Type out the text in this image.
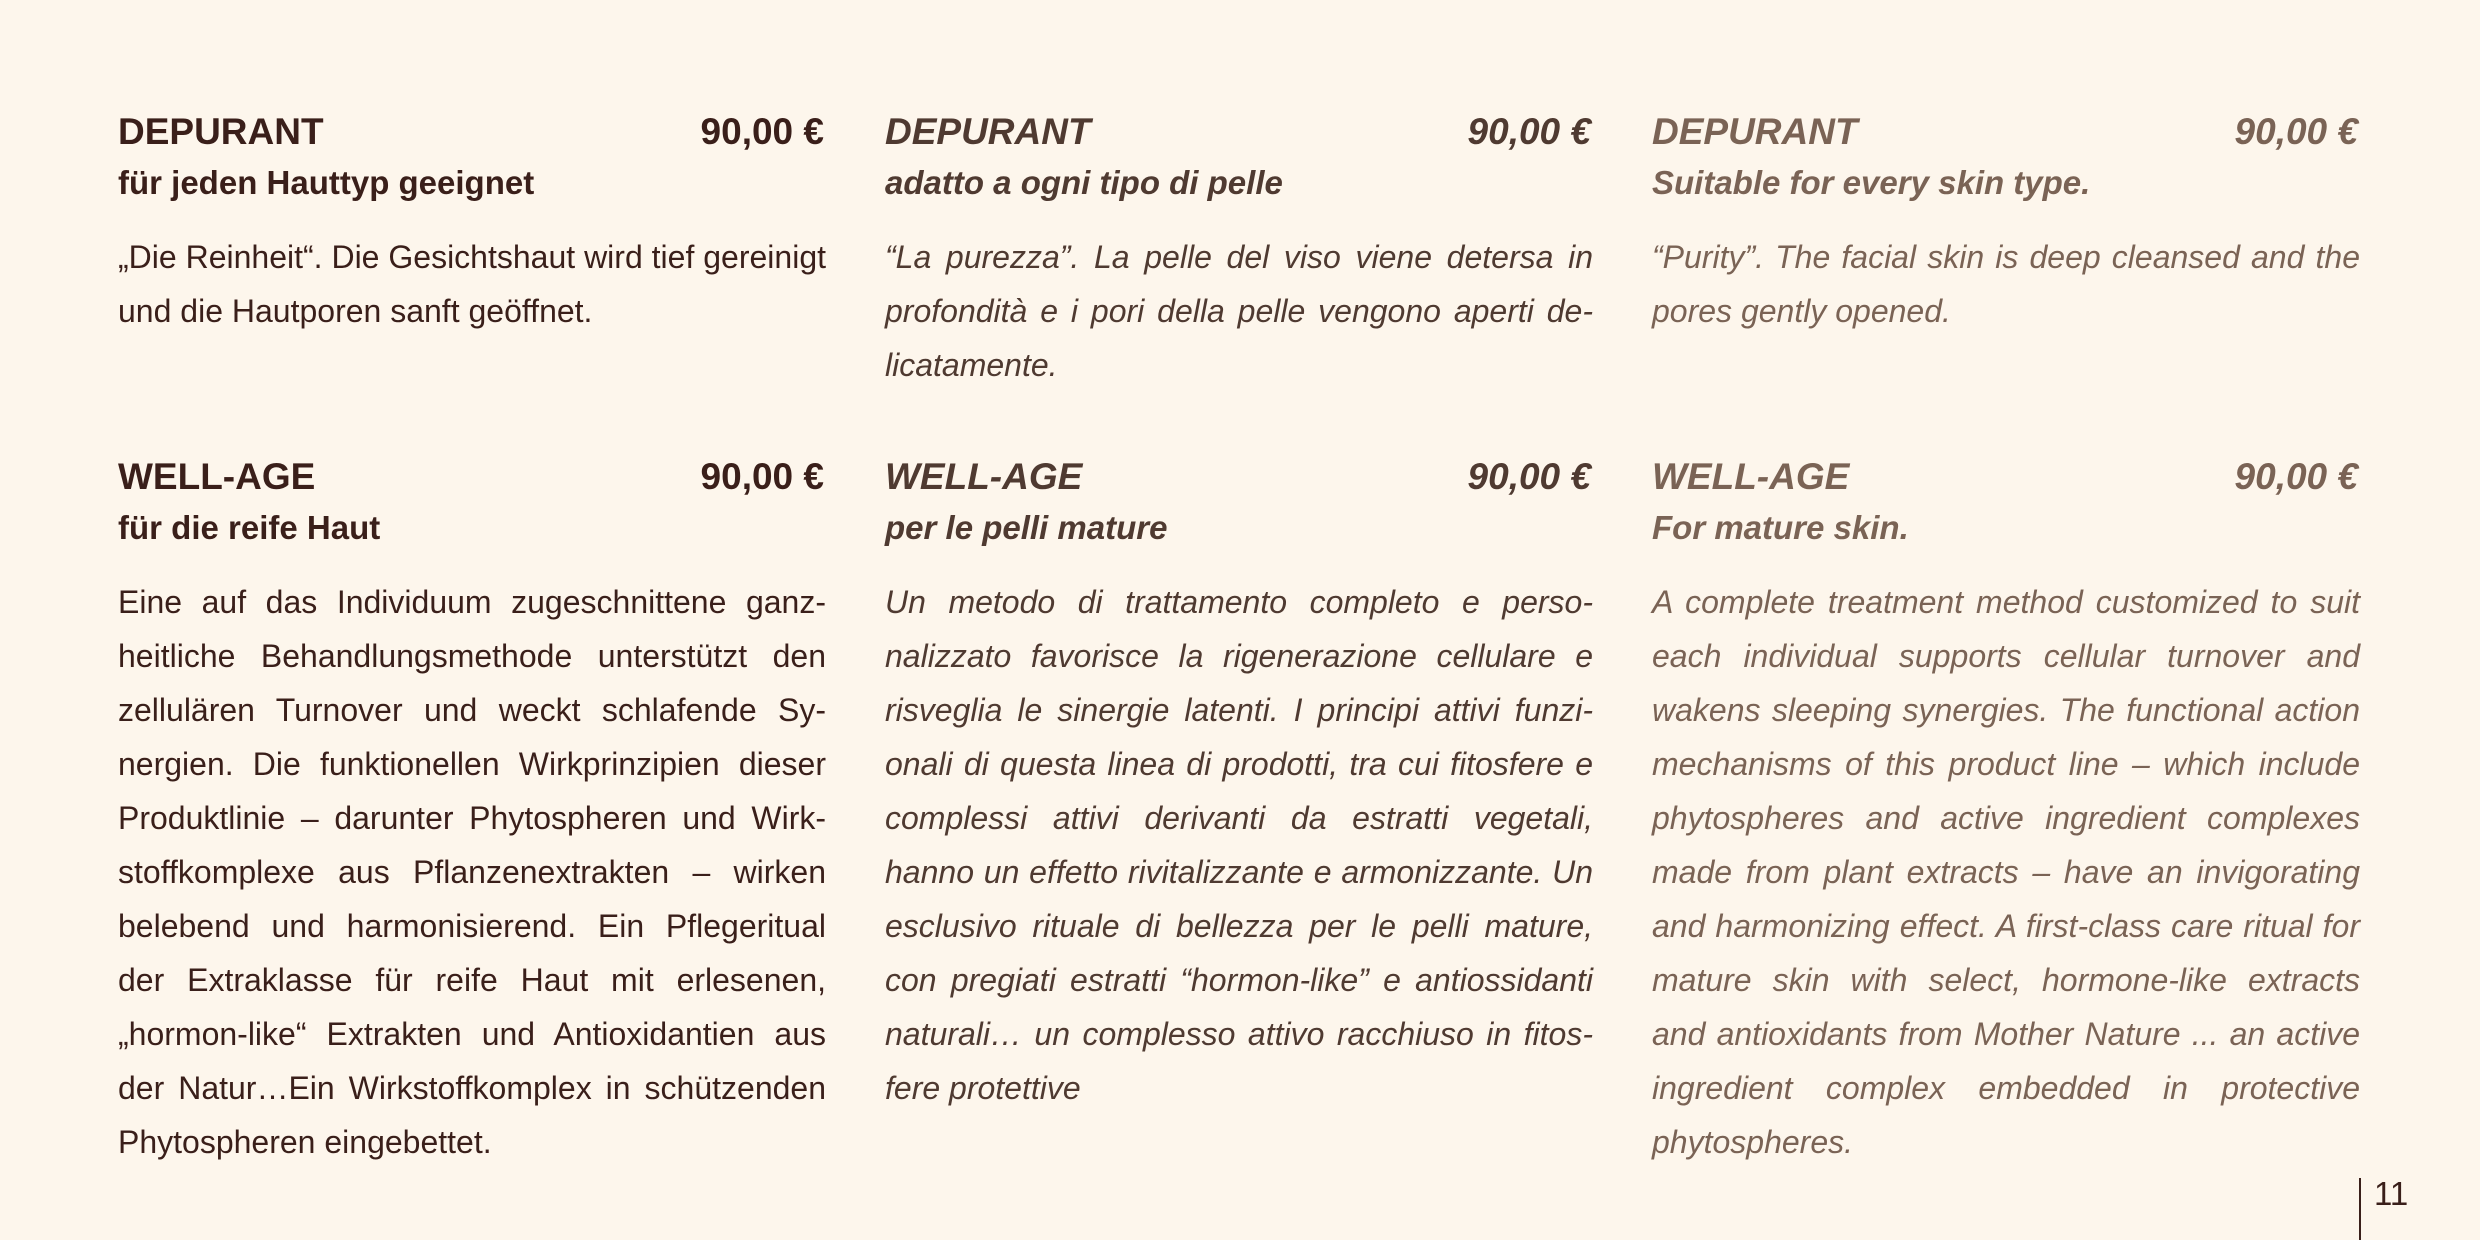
DEPURANT	90,00 €
für jeden Hauttyp geeignet

„Die Reinheit“. Die Gesichtshaut wird tief gereinigt und die Hautporen sanft geöffnet.

WELL-AGE	90,00 €
für die reife Haut

Eine auf das Individuum zugeschnittene ganzheitliche Behandlungsmethode unterstützt den zellulären Turnover und weckt schlafende Synergien. Die funktionellen Wirkprinzipien dieser Produktlinie – darunter Phytospheren und Wirkstoffkomplexe aus Pflanzenextrakten – wirken belebend und harmonisierend. Ein Pflegeritual der Extraklasse für reife Haut mit erlesenen, „hormon-like“ Extrakten und Antioxidantien aus der Natur…Ein Wirkstoffkomplex in schützenden Phytospheren eingebettet.

DEPURANT	90,00 €
adatto a ogni tipo di pelle

“La purezza”. La pelle del viso viene detersa in profondità e i pori della pelle vengono aperti delicatamente.

WELL-AGE	90,00 €
per le pelli mature

Un metodo di trattamento completo e personalizzato favorisce la rigenerazione cellulare e risveglia le sinergie latenti. I principi attivi funzionali di questa linea di prodotti, tra cui fitosfere e complessi attivi derivanti da estratti vegetali, hanno un effetto rivitalizzante e armonizzante. Un esclusivo rituale di bellezza per le pelli mature, con pregiati estratti “hormon-like” e antiossidanti naturali… un complesso attivo racchiuso in fitosfere protettive

DEPURANT	90,00 €
Suitable for every skin type.

“Purity”. The facial skin is deep cleansed and the pores gently opened.

WELL-AGE	90,00 €
For mature skin.

A complete treatment method customized to suit each individual supports cellular turnover and wakens sleeping synergies. The functional action mechanisms of this product line – which include phytospheres and active ingredient complexes made from plant extracts – have an invigorating and harmonizing effect. A first-class care ritual for mature skin with select, hormone-like extracts and antioxidants from Mother Nature ... an active ingredient complex embedded in protective phytospheres.

11
